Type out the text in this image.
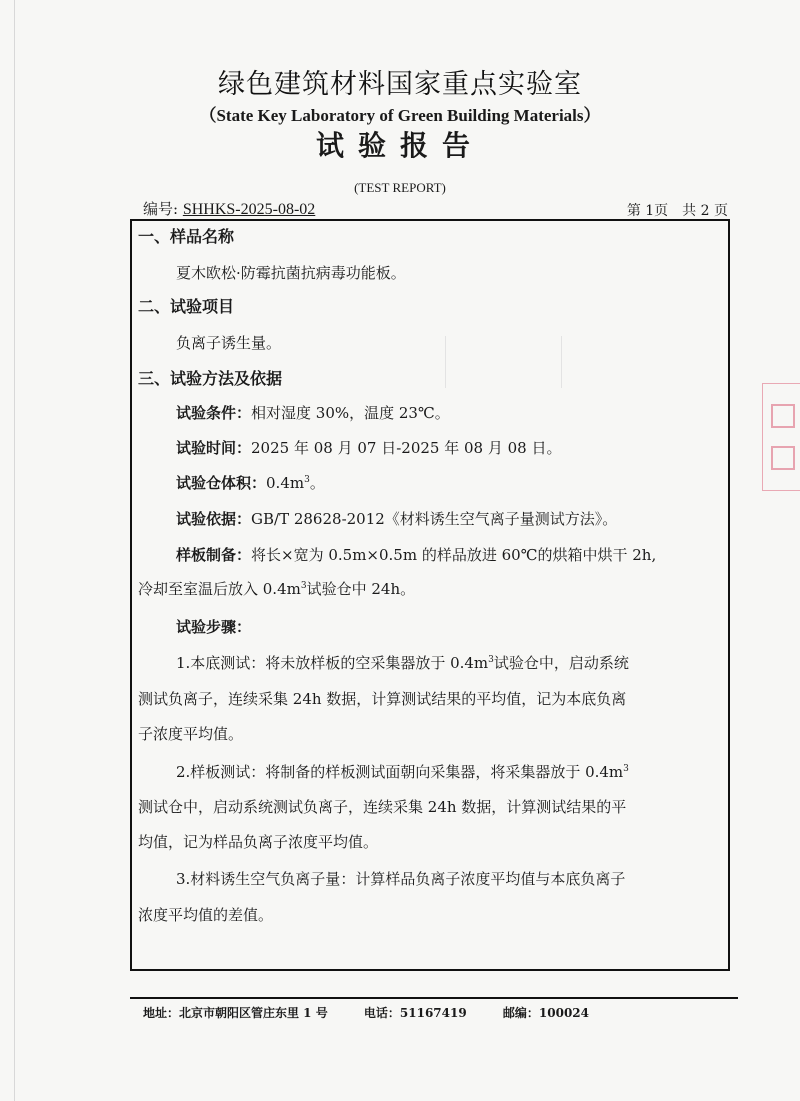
绿色建筑材料国家重点实验室
（State Key Laboratory of Green Building Materials）
试验报告
(TEST REPORT)
编号: SHHKS-2025-08-02	第 1页　共 2 页
一、样品名称
夏木欧松·防霉抗菌抗病毒功能板。
二、试验项目
负离子诱生量。
三、试验方法及依据
试验条件：相对湿度 30%，温度 23℃。
试验时间：2025 年 08 月 07 日-2025 年 08 月 08 日。
试验仓体积：$0.4m^3$。
试验依据：GB/T 28628-2012《材料诱生空气离子量测试方法》。
样板制备：将长×宽为 0.5m×0.5m 的样品放进 60℃的烘箱中烘干 2h,
冷却至室温后放入 $0.4m^3$试验仓中 24h。
试验步骤：
1.本底测试：将未放样板的空采集器放于 $0.4m^3$试验仓中，启动系统
测试负离子，连续采集 24h 数据，计算测试结果的平均值，记为本底负离
子浓度平均值。
2.样板测试：将制备的样板测试面朝向采集器，将采集器放于 $0.4m^3$
测试仓中，启动系统测试负离子，连续采集 24h 数据，计算测试结果的平
均值，记为样品负离子浓度平均值。
3.材料诱生空气负离子量：计算样品负离子浓度平均值与本底负离子
浓度平均值的差值。
地址：北京市朝阳区管庄东里 1 号	电话：51167419	邮编：100024
